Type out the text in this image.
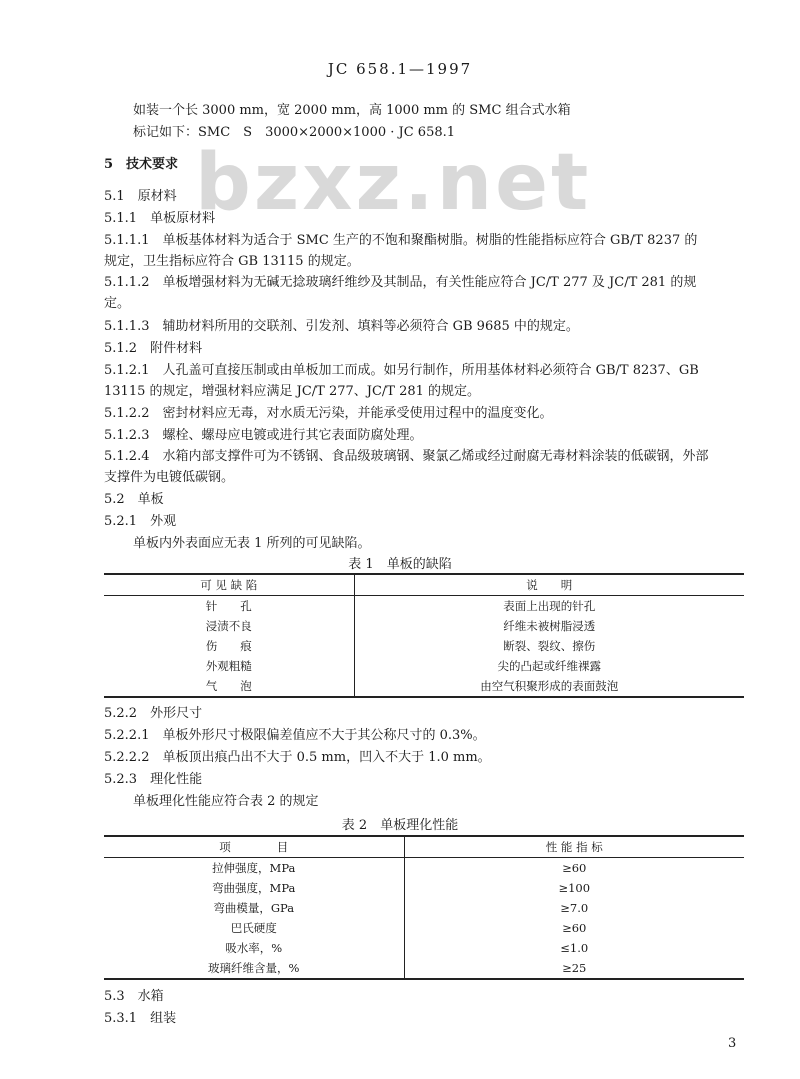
JC 658.1—1997
bzxz.net
如装一个长 3000 mm，宽 2000 mm，高 1000 mm 的 SMC 组合式水箱
标记如下：SMC　S　3000×2000×1000 · JC 658.1
5　技术要求
5.1　原材料
5.1.1　单板原材料
5.1.1.1　单板基体材料为适合于 SMC 生产的不饱和聚酯树脂。树脂的性能指标应符合 GB/T 8237 的
规定，卫生指标应符合 GB 13115 的规定。
5.1.1.2　单板增强材料为无碱无捻玻璃纤维纱及其制品，有关性能应符合 JC/T 277 及 JC/T 281 的规
定。
5.1.1.3　辅助材料所用的交联剂、引发剂、填料等必须符合 GB 9685 中的规定。
5.1.2　附件材料
5.1.2.1　人孔盖可直接压制或由单板加工而成。如另行制作，所用基体材料必须符合 GB/T 8237、GB
13115 的规定，增强材料应满足 JC/T 277、JC/T 281 的规定。
5.1.2.2　密封材料应无毒，对水质无污染，并能承受使用过程中的温度变化。
5.1.2.3　螺栓、螺母应电镀或进行其它表面防腐处理。
5.1.2.4　水箱内部支撑件可为不锈钢、食品级玻璃钢、聚氯乙烯或经过耐腐无毒材料涂装的低碳钢，外部
支撑件为电镀低碳钢。
5.2　单板
5.2.1　外观
单板内外表面应无表 1 所列的可见缺陷。
表 1　单板的缺陷
可 见 缺 陷	说　　明
针　　孔	表面上出现的针孔
浸渍不良	纤维未被树脂浸透
伤　　痕	断裂、裂纹、擦伤
外观粗糙	尖的凸起或纤维裸露
气　　泡	由空气积聚形成的表面鼓泡
5.2.2　外形尺寸
5.2.2.1　单板外形尺寸极限偏差值应不大于其公称尺寸的 0.3%。
5.2.2.2　单板顶出痕凸出不大于 0.5 mm，凹入不大于 1.0 mm。
5.2.3　理化性能
单板理化性能应符合表 2 的规定
表 2　单板理化性能
项　　　　目	性 能 指 标
拉伸强度，MPa	≥60
弯曲强度，MPa	≥100
弯曲模量，GPa	≥7.0
巴氏硬度	≥60
吸水率，%	≤1.0
玻璃纤维含量，%	≥25
5.3　水箱
5.3.1　组装
3
